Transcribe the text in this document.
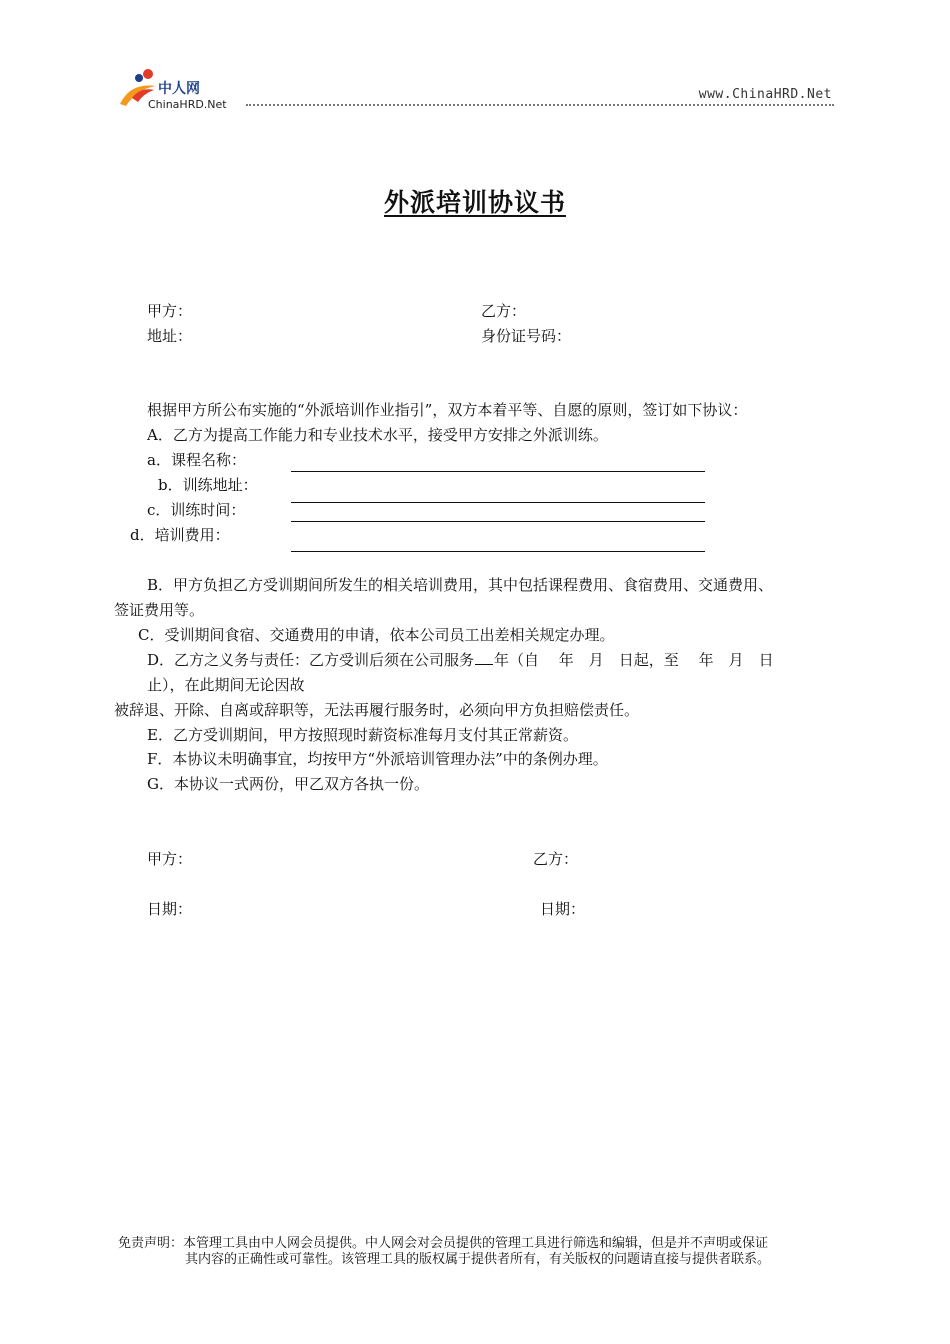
中人网
ChinaHRD.Net
www.ChinaHRD.Net
外派培训协议书
甲方：	乙方：
地址：	身份证号码：
根据甲方所公布实施的“外派培训作业指引”，双方本着平等、自愿的原则，签订如下协议：
A．乙方为提高工作能力和专业技术水平，接受甲方安排之外派训练。
a．课程名称：
b．训练地址：
c．训练时间：
d．培训费用：
B．甲方负担乙方受训期间所发生的相关培训费用，其中包括课程费用、食宿费用、交通费用、
签证费用等。
C．受训期间食宿、交通费用的申请，依本公司员工出差相关规定办理。
D．乙方之义务与责任：乙方受训后须在公司服务 年（自　 年　月　日起，至　 年　月　日
止），在此期间无论因故
被辞退、开除、自离或辞职等，无法再履行服务时，必须向甲方负担赔偿责任。
E．乙方受训期间，甲方按照现时薪资标准每月支付其正常薪资。
F．本协议未明确事宜，均按甲方“外派培训管理办法”中的条例办理。
G．本协议一式两份，甲乙双方各执一份。
甲方：	乙方：
日期：	日期：
免责声明：本管理工具由中人网会员提供。中人网会对会员提供的管理工具进行筛选和编辑，但是并不声明或保证
其内容的正确性或可靠性。该管理工具的版权属于提供者所有，有关版权的问题请直接与提供者联系。
